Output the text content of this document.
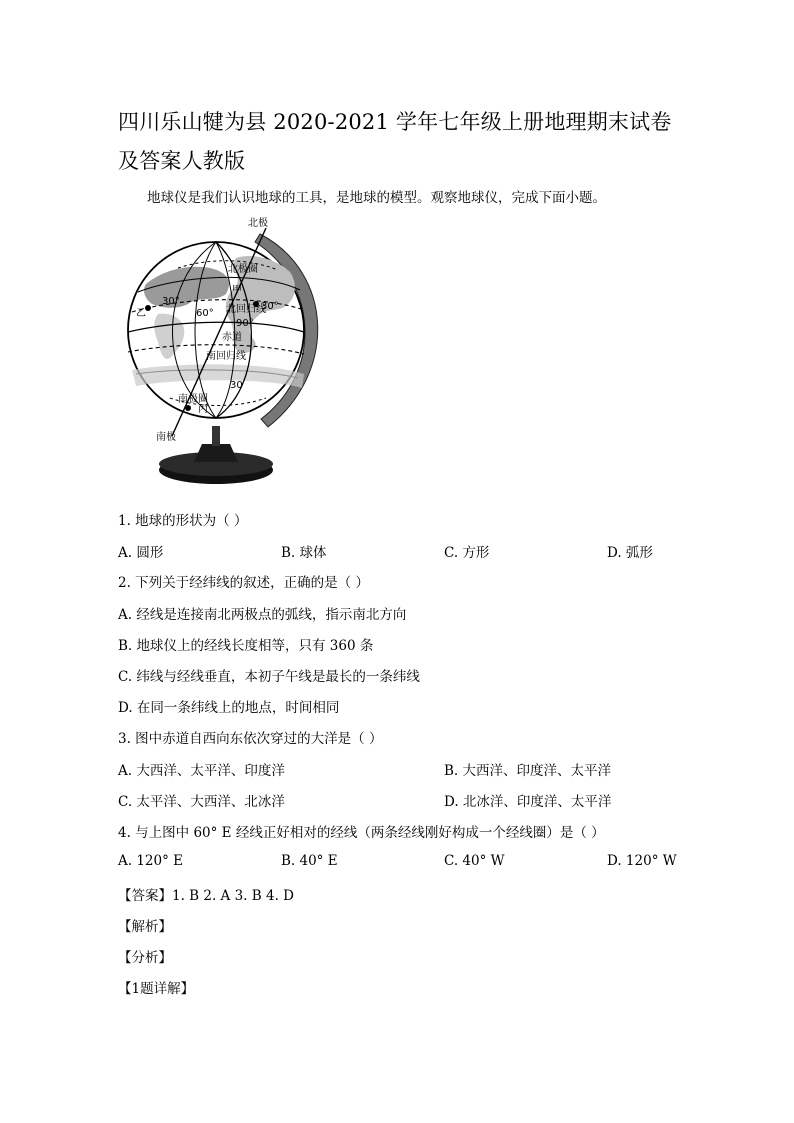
四川乐山犍为县 2020-2021 学年七年级上册地理期末试卷
及答案人教版
地球仪是我们认识地球的工具，是地球的模型。观察地球仪，完成下面小题。
北极
南极
北极圈
甲
30°
30°
乙	60° 北回归线
90°
赤道
南回归线
30
南极圈
丙
1. 地球的形状为（ ）
A. 圆形	B. 球体	C. 方形	D. 弧形
2. 下列关于经纬线的叙述，正确的是（ ）
A. 经线是连接南北两极点的弧线，指示南北方向
B. 地球仪上的经线长度相等，只有 360 条
C. 纬线与经线垂直，本初子午线是最长的一条纬线
D. 在同一条纬线上的地点，时间相同
3. 图中赤道自西向东依次穿过的大洋是（ ）
A. 大西洋、太平洋、印度洋	B. 大西洋、印度洋、太平洋
C. 太平洋、大西洋、北冰洋	D. 北冰洋、印度洋、太平洋
4. 与上图中 60° E 经线正好相对的经线（两条经线刚好构成一个经线圈）是（ ）
A. 120° E	B. 40° E	C. 40° W	D. 120° W
【答案】1. B 2. A 3. B 4. D
【解析】
【分析】
【1题详解】
